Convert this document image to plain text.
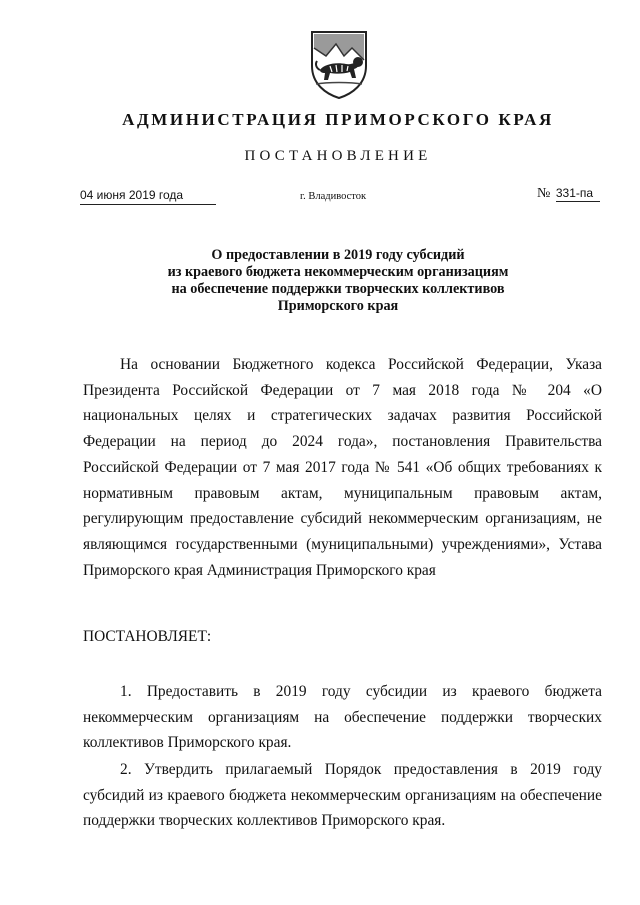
АДМИНИСТРАЦИЯ ПРИМОРСКОГО КРАЯ
ПОСТАНОВЛЕНИЕ
04 июня 2019 года	г. Владивосток	№ 331-па
О предоставлении в 2019 году субсидий
из краевого бюджета некоммерческим организациям
на обеспечение поддержки творческих коллективов
Приморского края
На основании Бюджетного кодекса Российской Федерации, Указа Президента Российской Федерации от 7 мая 2018 года № 204 «О национальных целях и стратегических задачах развития Российской Федерации на период до 2024 года», постановления Правительства Российской Федерации от 7 мая 2017 года № 541 «Об общих требованиях к нормативным правовым актам, муниципальным правовым актам, регулирующим предоставление субсидий некоммерческим организациям, не являющимся государственными (муниципальными) учреждениями», Устава Приморского края Администрация Приморского края
ПОСТАНОВЛЯЕТ:
1. Предоставить в 2019 году субсидии из краевого бюджета некоммерческим организациям на обеспечение поддержки творческих коллективов Приморского края.
2. Утвердить прилагаемый Порядок предоставления в 2019 году субсидий из краевого бюджета некоммерческим организациям на обеспечение поддержки творческих коллективов Приморского края.
